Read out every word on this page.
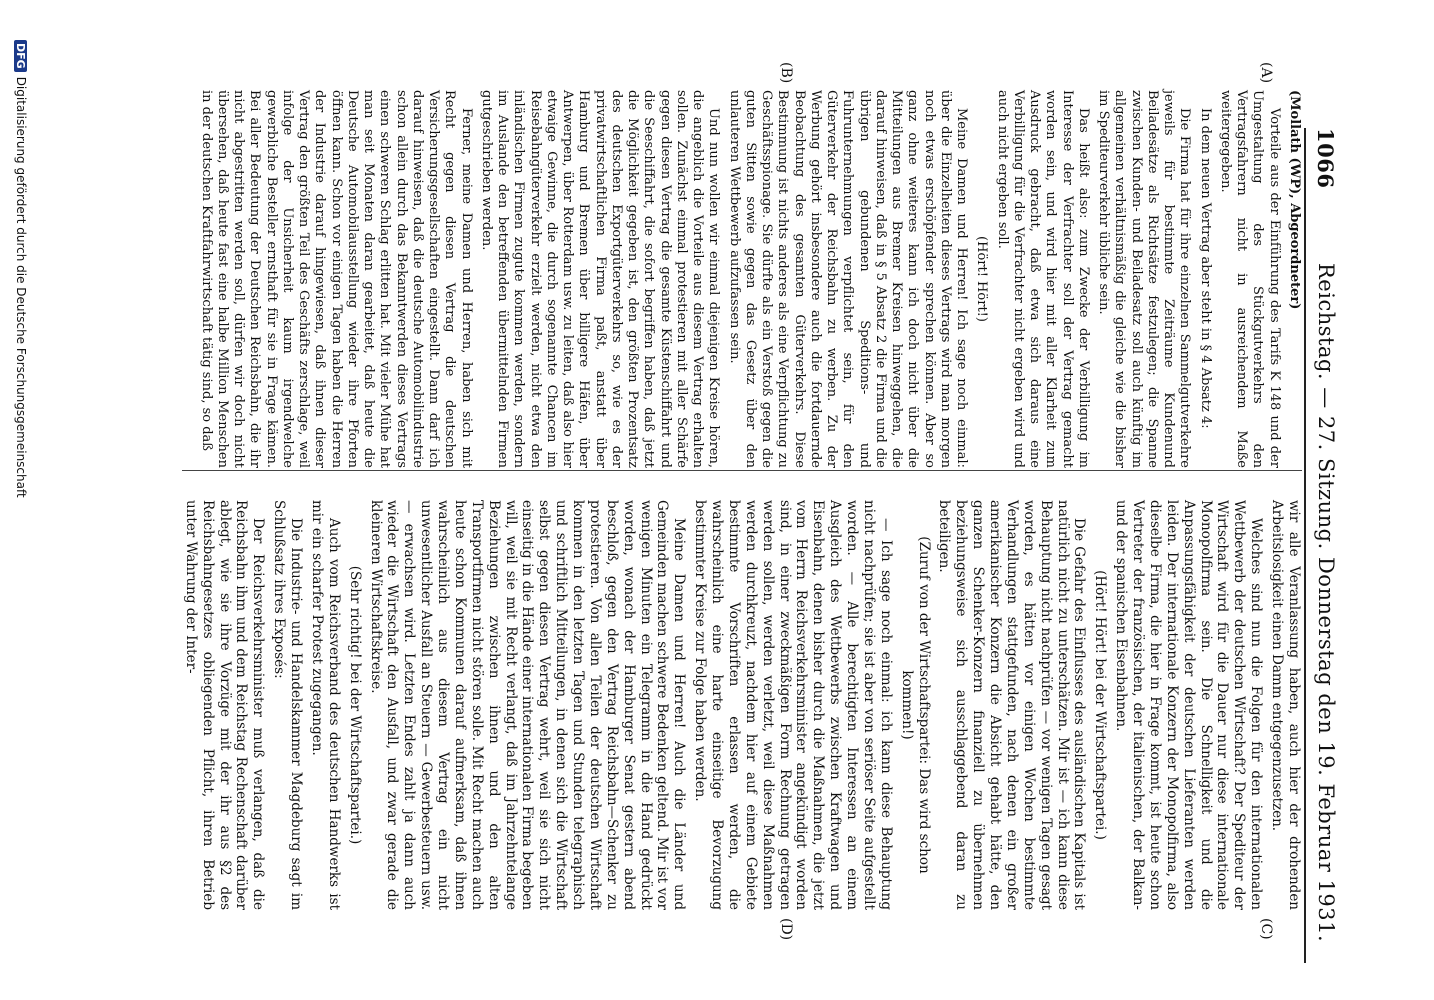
1066
Reichstag. — 27. Sitzung. Donnerstag den 19. Februar 1931.
(A)
(B)
(C)
(D)

(Mollath (WP), Abgeordneter)

Vorteile aus der Einführung des Tarifs K 148 und der Umgestaltung des Stückgutverkehrs den Vertragsfahrern nicht in ausreichendem Maße weitergegeben.

In dem neuen Vertrag aber steht in § 4 Absatz 4:

Die Firma hat für ihre einzelnen Sammelgutverkehre jeweils für bestimmte Zeiträume Kundenund Beiladesätze als Richtsätze festzulegen; die Spanne zwischen Kunden- und Beiladesatz soll auch künftig im allgemeinen verhältnismäßig die gleiche wie die bisher im Spediteurverkehr übliche sein.

Das heißt also: zum Zwecke der Verbilligung im Interesse der Verfrachter soll der Vertrag gemacht worden sein, und wird hier mit aller Klarheit zum Ausdruck gebracht, daß etwa sich daraus eine Verbilligung für die Verfrachter nicht ergeben wird und auch nicht ergeben soll.

(Hört! Hört!)

Meine Damen und Herren! Ich sage noch einmal: über die Einzelheiten dieses Vertrags wird man morgen noch etwas erschöpfender sprechen können. Aber so ganz ohne weiteres kann ich doch nicht über die Mitteilungen aus Bremer Kreisen hinweggehen, die darauf hinweisen, daß in § 5 Absatz 2 die Firma und die übrigen gebundenen Speditions- und Fuhrunternehmungen verpflichtet sein, für den Güterverkehr der Reichsbahn zu werben. Zu der Werbung gehört insbesondere auch die fortdauernde Beobachtung des gesamten Güterverkehrs. Diese Bestimmung ist nichts anderes als eine Verpflichtung zu Geschäftsspionage. Sie dürfte als ein Verstoß gegen die guten Sitten sowie gegen das Gesetz über den unlauteren Wettbewerb aufzufassen sein.

Und nun wollen wir einmal diejenigen Kreise hören, die angeblich die Vorteile aus diesem Vertrag erhalten sollen. Zunächst einmal protestieren mit aller Schärfe gegen diesen Vertrag die gesamte Küstenschiffahrt und die Seeschiffahrt, die sofort begriffen haben, daß jetzt die Möglichkeit gegeben ist, den größten Prozentsatz des deutschen Exportgüterverkehrs so, wie es der privatwirtschaftlichen Firma paßt, anstatt über Hamburg und Bremen über billigere Häfen, über Antwerpen, über Rotterdam usw. zu leiten, daß also hier etwaige Gewinne, die durch sogenannte Chancen im Reisebahngüterverkehr erzielt werden, nicht etwa den inländischen Firmen zugute kommen werden, sondern im Auslande den betreffenden übermittelnden Firmen gutgeschrieben werden.

Ferner, meine Damen und Herren, haben sich mit Recht gegen diesen Vertrag die deutschen Versicherungsgesellschaften eingestellt. Dann darf ich darauf hinweisen, daß die deutsche Automobilindustrie schon allein durch das Bekanntwerden dieses Vertrags einen schweren Schlag erlitten hat. Mit vieler Mühe hat man seit Monaten daran gearbeitet, daß heute die Deutsche Automobilausstellung wieder ihre Pforten öffnen kann. Schon vor einigen Tagen haben die Herren der Industrie darauf hingewiesen, daß ihnen dieser Vertrag den größten Teil des Geschäfts zerschlage, weil infolge der Unsicherheit kaum irgendwelche gewerbliche Besteller ernsthaft für sie in Frage kämen. Bei aller Bedeutung der Deutschen Reichsbahn, die ihr nicht abgestritten werden soll, dürfen wir doch nicht übersehen, daß heute fast eine halbe Million Menschen in der deutschen Kraftfahrwirtschaft tätig sind, so daß

wir alle Veranlassung haben, auch hier der drohenden Arbeitslosigkeit einen Damm entgegenzusetzen.

Welches sind nun die Folgen für den internationalen Wettbewerb der deutschen Wirtschaft? Der Spediteur der Wirtschaft wird für die Dauer nur diese internationale Monopolfirma sein. Die Schnelligkeit und die Anpassungsfähigkeit der deutschen Lieferanten werden leiden. Der internationale Konzern der Monopolfirma, also dieselbe Firma, die hier in Frage kommt, ist heute schon Vertreter der französischen, der italienischen, der Balkan- und der spanischen Eisenbahnen.

(Hört! Hört! bei der Wirtschaftspartei.)

Die Gefahr des Einflusses des ausländischen Kapitals ist natürlich nicht zu unterschätzen. Mir ist — ich kann diese Behauptung nicht nachprüfen — vor wenigen Tagen gesagt worden, es hätten vor einigen Wochen bestimmte Verhandlungen stattgefunden, nach denen ein großer amerikanischer Konzern die Absicht gehabt hätte, den ganzen Schenker-Konzern finanziell zu übernehmen beziehungsweise sich ausschlaggebend daran zu beteiligen.

(Zuruf von der Wirtschaftspartei: Das wird schon kommen!)

— Ich sage noch einmal: ich kann diese Behauptung nicht nachprüfen; sie ist aber von seriöser Seite aufgestellt worden. — Alle berechtigten Interessen an einem Ausgleich des Wettbewerbs zwischen Kraftwagen und Eisenbahn, denen bisher durch die Maßnahmen, die jetzt vom Herrn Reichsverkehrsminister angekündigt worden sind, in einer zweckmäßigen Form Rechnung getragen werden sollen, werden verletzt, weil diese Maßnahmen werden durchkreuzt, nachdem hier auf einem Gebiete bestimmte Vorschriften erlassen werden, die wahrscheinlich eine harte einseitige Bevorzugung bestimmter Kreise zur Folge haben werden.

Meine Damen und Herren! Auch die Länder und Gemeinden machen schwere Bedenken geltend. Mir ist vor wenigen Minuten ein Telegramm in die Hand gedrückt worden, wonach der Hamburger Senat gestern abend beschloß, gegen den Vertrag Reichsbahn—Schenker zu protestieren. Von allen Teilen der deutschen Wirtschaft kommen in den letzten Tagen und Stunden telegraphisch und schriftlich Mitteilungen, in denen sich die Wirtschaft selbst gegen diesen Vertrag wehrt, weil sie sich nicht einseitig in die Hände einer internationalen Firma begeben will, weil sie mit Recht verlangt, daß im Jahrzehntelange Beziehungen zwischen ihnen und den alten Transportfirmen nicht stören solle. Mit Recht machen auch heute schon Kommunen darauf aufmerksam, daß ihnen wahrscheinlich aus diesem Vertrag ein nicht unwesentlicher Ausfall an Steuern — Gewerbesteuern usw. — erwachsen wird. Letzten Endes zahlt ja dann auch wieder die Wirtschaft den Ausfall, und zwar gerade die kleineren Wirtschaftskreise.

(Sehr richtig! bei der Wirtschaftspartei.)

Auch vom Reichsverband des deutschen Handwerks ist mir ein scharfer Protest zugegangen.

Die Industrie- und Handelskammer Magdeburg sagt im Schlußsatz ihres Exposés:

Der Reichsverkehrsminister muß verlangen, daß die Reichsbahn ihm und dem Reichstag Rechenschaft darüber ablegt, wie sie ihre Vorzüge mit der ihr aus §2 des Reichsbahngesetzes obliegenden Pflicht, ihren Betrieb unter Wahrung der Inter-

DFGDigitalisierung gefördert durch die Deutsche Forschungsgemeinschaft
